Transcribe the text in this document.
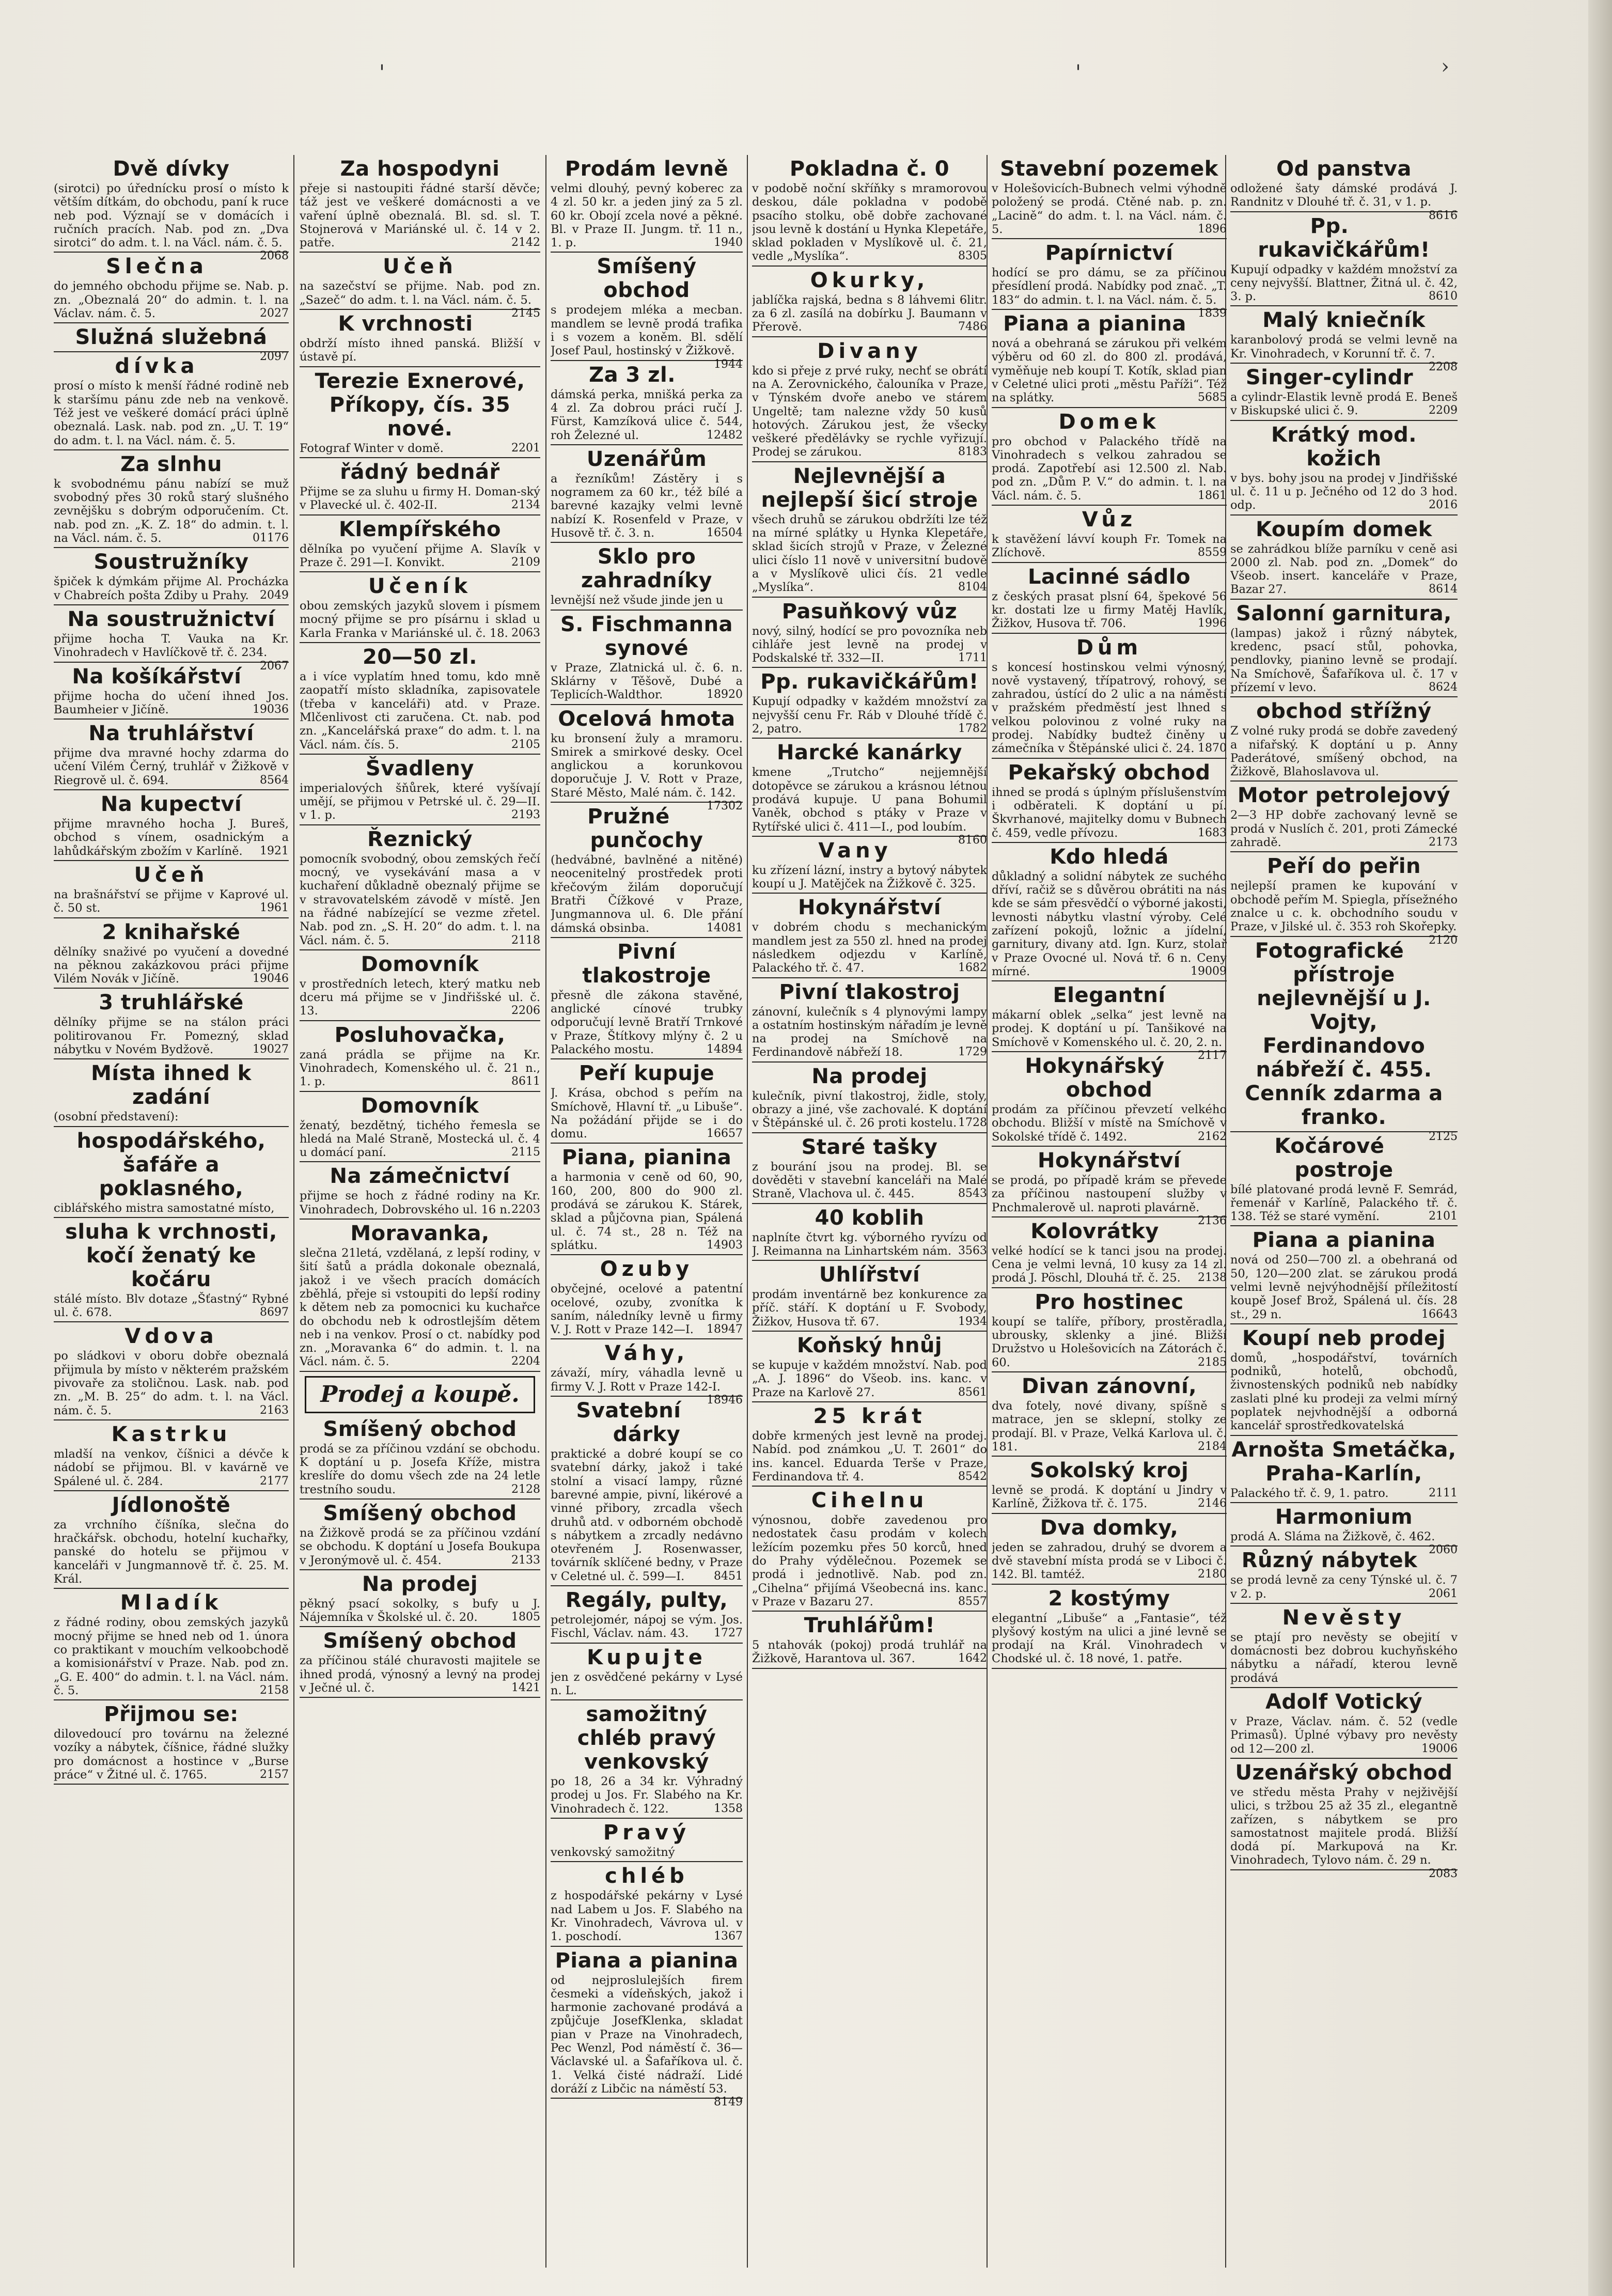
'	'	›
Dvě dívky

(sirotci) po úřednícku prosí o místo k větším dítkám, do obchodu, paní k ruce neb pod. Význají se v domácích i ručních pracích. Nab. pod zn. „Dva sirotci“ do adm. t. l. na Václ. nám. č. 5.
2068

Slečna

do jemného obchodu přijme se. Nab. p. zn. „Obeznalá 20“ do admin. t. l. na Václav. nám. č. 5.	2027

Služná služebná

2097

dívka

prosí o místo k menší řádné rodině neb k staršímu pánu zde neb na venkově. Též jest ve veškeré domácí práci úplně obeznalá. Lask. nab. pod zn. „U. T. 19“ do adm. t. l. na Václ. nám. č. 5.

Za slnhu

k svobodnému pánu nabízí se muž svobodný přes 30 roků starý slušného zevnějšku s dobrým odporučením. Ct. nab. pod zn. „K. Z. 18“ do admin. t. l. na Václ. nám. č. 5.	01176

Soustružníky

špiček k dýmkám přijme Al. Procházka v Chabreích pošta Zdiby u Prahy. 2049

Na soustružnictví

přijme hocha T. Vauka na Kr. Vinohradech v Havlíčkově tř. č. 234.
2067

Na košíkářství

přijme hocha do učení ihned Jos. Baumheier v Jičíně.	19036

Na truhlářství

přijme dva mravné hochy zdarma do učení Vilém Černý, truhlář v Žižkově v Riegrově ul. č. 694.	8564

Na kupectví

přijme mravného hocha J. Bureš, obchod s vínem, osadnickým a lahůdkářským zbožím v Karlíně. 1921

Učeň

na brašnářství se přijme v Kaprové ul. č. 50 st.	1961

2 knihařské

dělníky snaživé po vyučení a dovedné na pěknou zakázkovou práci přijme Vilém Novák v Jičíně.	19046

3 truhlářské

dělníky přijme se na stálon práci politirovanou Fr. Pomezný, sklad nábytku v Novém Bydžově.	19027

Místa ihned k zadání

(osobní představení):

hospodářského, šafáře a poklasného,

ciblářského mistra samostatné místo,

sluha k vrchnosti, kočí ženatý ke kočáru

stálé místo. Blv dotaze „Šťastný“ Rybné ul. č. 678.	8697

Vdova

po sládkovi v oboru dobře obeznalá přijmula by místo v některém pražském pivovaře za stoličnou. Lask. nab. pod zn. „M. B. 25“ do adm. t. l. na Václ. nám. č. 5.	2163

Kastrku

mladší na venkov, číšnici a dévče k nádobí se přijmou. Bl. v kavárně ve Spálené ul. č. 284.	2177

Jídlonoště

za vrchního číšníka, slečna do hračkářsk. obchodu, hotelní kuchařky, panské do hotelu se přijmou v kanceláři v Jungmannově tř. č. 25. M. Král.

Mladík

z řádné rodiny, obou zemských jazyků mocný přijme se hned neb od 1. února co praktikant v mouchím velkoobchodě a komisionářství v Praze. Nab. pod zn. „G. E. 400“ do admin. t. l. na Václ. nám. č. 5.	2158

Přijmou se:

dilovedoucí pro továrnu na železné vozíky a nábytek, číšnice, řádné služky pro domácnost a hostince v „Burse práce“ v Žitné ul. č. 1765.	2157

Za hospodyni

přeje si nastoupiti řádné starší děvče; táž jest ve veškeré domácnosti a ve vaření úplně obeznalá. Bl. sd. sl. T. Stojnerová v Mariánské ul. č. 14 v 2. patře.	2142

Učeň

na sazečství se přijme. Nab. pod zn. „Sazeč“ do adm. t. l. na Václ. nám. č. 5.
2145

K vrchnosti

obdrží místo ihned panská. Bližší v ústavě pí.

Terezie Exnerové, Příkopy, čís. 35 nové.

Fotograf Winter v domě.	2201

řádný bednář

Přijme se za sluhu u firmy H. Doman-ský v Plavecké ul. č. 402-II.	2134

Klempířského

dělníka po vyučení přijme A. Slavík v Praze č. 291—I. Konvikt.	2109

Učeník

obou zemských jazyků slovem i písmem mocný přijme se pro písárnu i sklad u Karla Franka v Mariánské ul. č. 18. 2063

20—50 zl.

a i více vyplatím hned tomu, kdo mně zaopatří místo skladníka, zapisovatele (třeba v kanceláři) atd. v Praze. Mlčenlivost cti zaručena. Ct. nab. pod zn. „Kancelářská praxe“ do adm. t. l. na Václ. nám. čís. 5.	2105

Švadleny

imperialových šňůrek, které vyšívají umějí, se přijmou v Petrské ul. č. 29—II. v 1. p.	2193

Řeznický

pomocník svobodný, obou zemských řečí mocný, ve vysekávání masa a v kuchaření důkladně obeznalý přijme se v stravovatelském závodě v místě. Jen na řádné nabízející se vezme zřetel. Nab. pod zn. „S. H. 20“ do adm. t. l. na Václ. nám. č. 5.	2118

Domovník

v prostředních letech, který matku neb dceru má přijme se v Jindřišské ul. č. 13.	2206

Posluhovačka,

zaná prádla se přijme na Kr. Vinohradech, Komenského ul. č. 21 n., 1. p.	8611

Domovník

ženatý, bezdětný, tichého řemesla se hledá na Malé Straně, Mostecká ul. č. 4 u domácí paní.	2115

Na zámečnictví

přijme se hoch z řádné rodiny na Kr. Vinohradech, Dobrovského ul. 16 n. 2203

Moravanka,

slečna 21letá, vzdělaná, z lepší rodiny, v šití šatů a prádla dokonale obeznalá, jakož i ve všech pracích domácích zběhlá, přeje si vstoupiti do lepší rodiny k dětem neb za pomocnici ku kuchařce do obchodu neb k odrostlejším dětem neb i na venkov. Prosí o ct. nabídky pod zn. „Moravanka 6“ do admin. t. l. na Václ. nám. č. 5.	2204

Prodej a koupě.
Smíšený obchod

prodá se za příčinou vzdání se obchodu. K doptání u p. Josefa Kříže, mistra kreslíře do domu všech zde na 24 letle trestního soudu.	2128

Smíšený obchod

na Žižkově prodá se za příčinou vzdání se obchodu. K doptání u Josefa Boukupa v Jeronýmově ul. č. 454.	2133

Na prodej

pěkný psací sokolky, s bufy u J. Nájemníka v Školské ul. č. 20.	1805

Smíšený obchod

za příčinou stálé churavosti majitele se ihned prodá, výnosný a levný na prodej v Ječné ul. č.	1421

Prodám levně

velmi dlouhý, pevný koberec za 4 zl. 50 kr. a jeden jiný za 5 zl. 60 kr. Obojí zcela nové a pěkné. Bl. v Praze II. Jungm. tř. 11 n., 1. p.	1940

Smíšený obchod

s prodejem mléka a mecban. mandlem se levně prodá trafika i s vozem a koněm. Bl. sdělí Josef Paul, hostinský v Žižkově.
1944

Za 3 zl.

dámská perka, mnišká perka za 4 zl. Za dobrou práci ručí J. Fürst, Kamzíková ulice č. 544, roh Železné ul.	12482

Uzenářům

a řezníkům! Zástěry i s nogramem za 60 kr., též bílé a barevné kazajky velmi levně nabízí K. Rosenfeld v Praze, v Husově tř. č. 3. n.	16504

Sklo pro zahradníky

levnější než všude jinde jen u

S. Fischmanna synové

v Praze, Zlatnická ul. č. 6. n. Sklárny v Těšově, Dubé a Teplicích-Waldthor.	18920

Ocelová hmota

ku bronsení žuly a mramoru. Smirek a smirkové desky. Ocel anglickou a korunkovou doporučuje J. V. Rott v Praze, Staré Město, Malé nám. č. 142.
17302

Pružné punčochy

(hedvábné, bavlněné a nitěné) neocenitelný prostředek proti křečovým žilám doporučují Bratři Čížkové v Praze, Jungmannova ul. 6. Dle přání dámská obsinba.	14081

Pivní tlakostroje

přesně dle zákona stavěné, anglické cínové trubky odporučují levně Bratří Trnkové v Praze, Štítkovy mlýny č. 2 u Palackého mostu.	14894

Peří kupuje

J. Krása, obchod s peřím na Smíchově, Hlavní tř. „u Libuše“. Na požádání přijde se i do domu.	16657

Piana, pianina

a harmonia v ceně od 60, 90, 160, 200, 800 do 900 zl. prodává se zárukou K. Stárek, sklad a půjčovna pian, Spálená ul. č. 74 st., 28 n. Též na splátku.	14903

Ozuby

obyčejné, ocelové a patentní ocelové, ozuby, zvonítka k saním, náledníky levně u firmy V. J. Rott v Praze 142—I. 18947

Váhy,

závaží, míry, váhadla levně u firmy V. J. Rott v Praze 142-I.
18946

Svatební dárky

praktické a dobré koupí se co svatební dárky, jakož i také stolní a visací lampy, různé barevné ampie, pivní, likérové a vinné přibory, zrcadla všech druhů atd. v odborném obchodě s nábytkem a zrcadly nedávno otevřeném J. Rosenwasser, továrník sklíčené bedny, v Praze v Celetné ul. č. 599—I.	8451

Regály, pulty,

petrolejomér, nápoj se vým. Jos. Fischl, Václav. nám. 43. 1727

Kupujte

jen z osvědčené pekárny v Lysé n. L.

samožitný chléb pravý venkovský

po 18, 26 a 34 kr. Výhradný prodej u Jos. Fr. Slabého na Kr. Vinohradech č. 122.	1358

Pravý

venkovský samožitný

chléb

z hospodářské pekárny v Lysé nad Labem u Jos. F. Slabého na Kr. Vinohradech, Vávrova ul. v 1. poschodí.	1367

Piana a pianina

od nejproslulejších firem česmeki a vídeňských, jakož i harmonie zachované prodává a způjčuje JosefKlenka, skladat pian v Praze na Vinohradech, Pec Wenzl, Pod náměstí č. 36—Václavské ul. a Šafaříkova ul. č. 1. Velká čisté nádraží. Lidé doráží z Libčic na náměstí 53.
8149

Pokladna č. 0

v podobě noční skříňky s mramorovou deskou, dále pokladna v podobě psacího stolku, obě dobře zachované jsou levně k dostání u Hynka Klepetáře, sklad pokladen v Myslíkově ul. č. 21, vedle „Myslíka“.	8305

Okurky,

jablíčka rajská, bedna s 8 láhvemi 6litr. za 6 zl. zasílá na dobírku J. Baumann v Přerově.	7486

Divany

kdo si přeje z prvé ruky, nechť se obrátí na A. Zerovnického, čalouníka v Praze, v Týnském dvoře anebo ve stárem Ungeltě; tam nalezne vždy 50 kusů hotových. Zárukou jest, že všecky veškeré předělávky se rychle vyřizují. Prodej se zárukou.	8183

Nejlevnější a nejlepší šicí stroje

všech druhů se zárukou obdržíti lze též na mírné splátky u Hynka Klepetáře, sklad šicích strojů v Praze, v Železné ulici číslo 11 nově v universitní budově a v Myslíkově ulici čís. 21 vedle „Myslíka“.	8104

Pasuňkový vůz

nový, silný, hodící se pro povozníka neb cihláře jest levně na prodej v Podskalské tř. 332—II.	1711

Pp. rukavičkářům!

Kupují odpadky v každém množství za nejvyšší cenu Fr. Ráb v Dlouhé třídě č. 2, patro.	1782

Harcké kanárky

kmene „Trutcho“ nejjemnější dotopěvce se zárukou a krásnou létnou prodává kupuje. U pana Bohumil Vaněk, obchod s ptáky v Praze v Rytířské ulici č. 411—I., pod loubím.
8160

Vany

ku zřízení lázní, instry a bytový nábytek koupí u J. Matějček na Žižkově č. 325.

Hokynářství

v dobrém chodu s mechanickým mandlem jest za 550 zl. hned na prodej následkem odjezdu v Karlíně, Palackého tř. č. 47.	1682

Pivní tlakostroj

zánovní, kulečník s 4 plynovými lampy a ostatním hostinským nářadím je levně na prodej na Smíchově na Ferdinandově nábřeží 18.	1729

Na prodej

kulečník, pivní tlakostroj, židle, stoly, obrazy a jiné, vše zachovalé. K doptání v Štěpánské ul. č. 26 proti kostelu. 1728

Staré tašky

z bourání jsou na prodej. Bl. se dověděti v stavební kanceláři na Malé Straně, Vlachova ul. č. 445.	8543

40 koblih

naplníte čtvrt kg. výborného ryvízu od J. Reimanna na Linhartském nám. 3563

Uhlířství

prodám inventárně bez konkurence za příč. stáří. K doptání u F. Svobody, Žižkov, Husova tř. 67.	1934

Koňský hnůj

se kupuje v každém množství. Nab. pod „A. J. 1896“ do Všeob. ins. kanc. v Praze na Karlově 27.	8561

25 krát

dobře krmených jest levně na prodej. Nabíd. pod známkou „U. T. 2601“ do ins. kancel. Eduarda Terše v Praze, Ferdinandova tř. 4.	8542

Cihelnu

výnosnou, dobře zavedenou pro nedostatek času prodám v kolech ležícím pozemku přes 50 korců, hned do Prahy výdělečnou. Pozemek se prodá i jednotlivě. Nab. pod zn. „Cihelna“ přijímá Všeobecná ins. kanc. v Praze v Bazaru 27.	8557

Truhlářům!

5 ntahovák (pokoj) prodá truhlář na Žižkově, Harantova ul. 367.	1642

Stavební pozemek

v Holešovicích-Bubnech velmi výhodně položený se prodá. Ctěné nab. p. zn. „Lacině“ do adm. t. l. na Václ. nám. č. 5.	1896

Papírnictví

hodící se pro dámu, se za příčinou přesídlení prodá. Nabídky pod znač. „T. 183“ do admin. t. l. na Václ. nám. č. 5.
1839

Piana a pianina

nová a obehraná se zárukou při velkém výběru od 60 zl. do 800 zl. prodává, vyměňuje neb koupí T. Kotík, sklad pian v Celetné ulici proti „městu Paříži“. Též na splátky.	5685

Domek

pro obchod v Palackého třídě na Vinohradech s velkou zahradou se prodá. Zapotřebí asi 12.500 zl. Nab. pod zn. „Dům P. V.“ do admin. t. l. na Václ. nám. č. 5.	1861

Vůz

k stavěžení lávví kouph Fr. Tomek na Zlíchově.	8559

Lacinné sádlo

z českých prasat plsní 64, špekové 56 kr. dostati lze u firmy Matěj Havlík, Žižkov, Husova tř. 706.	1996

Dům

s koncesí hostinskou velmi výnosný, nově vystavený, třípatrový, rohový, se zahradou, ústící do 2 ulic a na náměstí v pražském předměstí jest lhned s velkou polovinou z volné ruky na prodej. Nabídky budtež činěny u zámečníka v Štěpánské ulici č. 24. 1870

Pekařský obchod

ihned se prodá s úplným příslušenstvím i odběrateli. K doptání u pí. Škvrhanové, majitelky domu v Bubnech č. 459, vedle přívozu.	1683

Kdo hledá

důkladný a solidní nábytek ze suchého dříví, račiž se s důvěrou obrátiti na nás kde se sám přesvědčí o výborné jakosti, levnosti nábytku vlastní výroby. Celé zařízení pokojů, ložnic a jídelní, garnitury, divany atd. Ign. Kurz, stolař v Praze Ovocné ul. Nová tř. 6 n. Ceny mírné.	19009

Elegantní

mákarní oblek „selka“ jest levně na prodej. K doptání u pí. Tanšikové na Smíchově v Komenského ul. č. 20, 2. n.
2117

Hokynářský obchod

prodám za příčinou převzetí velkého obchodu. Bližší v místě na Smíchově v Sokolské třídě č. 1492.	2162

Hokynářství

se prodá, po případě krám se převede za příčinou nastoupení služby v Pnchmalerově ul. naproti plavárně.
2136

Kolovrátky

velké hodící se k tanci jsou na prodej. Cena je velmi levná, 10 kusy za 14 zl. prodá J. Pöschl, Dlouhá tř. č. 25. 2138

Pro hostinec

koupí se talíře, příbory, prostěradla, ubrousky, sklenky a jiné. Bližší Družstvo u Holešovicích na Zátorách č. 60.	2185

Divan zánovní,

dva fotely, nové divany, spíšně s matrace, jen se sklepní, stolky ze prodají. Bl. v Praze, Velká Karlova ul. č. 181.	2184

Sokolský kroj

levně se prodá. K doptání u Jindry v Karlíně, Žižkova tř. č. 175.	2146

Dva domky,

jeden se zahradou, druhý se dvorem a dvě stavební místa prodá se v Liboci č. 142. Bl. tamtéž.	2180

2 kostýmy

elegantní „Libuše“ a „Fantasie“, též plyšový kostým na ulici a jiné levně se prodají na Král. Vinohradech v Chodské ul. č. 18 nové, 1. patře.

Od panstva

odložené šaty dámské prodává J. Randnitz v Dlouhé tř. č. 31, v 1. p.
8616

Pp. rukavičkářům!

Kupují odpadky v každém množství za ceny nejvyšší. Blattner, Žitná ul. č. 42, 3. p.	8610

Malý kniečník

karanbolový prodá se velmi levně na Kr. Vinohradech, v Korunní tř. č. 7.
2208

Singer-cylindr

a cylindr-Elastik levně prodá E. Beneš v Biskupské ulici č. 9.	2209

Krátký mod. kožich

v bys. bohy jsou na prodej v Jindřišské ul. č. 11 u p. Ječného od 12 do 3 hod. odp.	2016

Koupím domek

se zahrádkou blíže parníku v ceně asi 2000 zl. Nab. pod zn. „Domek“ do Všeob. insert. kanceláře v Praze, Bazar 27.	8614

Salonní garnitura,

(lampas) jakož i různý nábytek, kredenc, psací stůl, pohovka, pendlovky, pianino levně se prodají. Na Smíchově, Šafaříkova ul. č. 17 v přízemí v levo.	8624

obchod střížný

Z volné ruky prodá se dobře zavedený a nifařský. K doptání u p. Anny Paderátové, smíšený obchod, na Žižkově, Blahoslavova ul.

Motor petrolejový

2—3 HP dobře zachovaný levně se prodá v Nuslích č. 201, proti Zámecké zahradě.	2173

Peří do peřin

nejlepší pramen ke kupování v obchodě peřím M. Spiegla, přísežného znalce u c. k. obchodního soudu v Praze, v Jilské ul. č. 353 roh Skořepky.
2120

Fotografické přístroje nejlevnější u J. Vojty, Ferdinandovo nábřeží č. 455. Cenník zdarma a franko.

2125

Kočárové postroje

bílé platované prodá levně F. Semrád, řemenář v Karlíně, Palackého tř. č. 138. Též se staré vymění.	2101

Piana a pianina

nová od 250—700 zl. a obehraná od 50, 120—200 zlat. se zárukou prodá velmi levně nejvýhodnější příležitostí koupě Josef Brož, Spálená ul. čís. 28 st., 29 n.	16643

Koupí neb prodej

domů, „hospodářství, továrních podniků, hotelů, obchodů, živnostenských podniků neb nabídky zaslati plné ku prodeji za velmi mírný poplatek nejvhodnější a odborná kancelář sprostředkovatelská

Arnošta Smetáčka, Praha-Karlín,

Palackého tř. č. 9, 1. patro.	2111

Harmonium

prodá A. Sláma na Žižkově, č. 462.
2060

Různý nábytek

se prodá levně za ceny Týnské ul. č. 7 v 2. p.	2061

Nevěsty

se ptají pro nevěsty se obejití v domácnosti bez dobrou kuchyňského nábytku a nářadí, kterou levně prodává

Adolf Votický

v Praze, Václav. nám. č. 52 (vedle Primasů). Úplné výbavy pro nevěsty od 12—200 zl.	19006

Uzenářský obchod

ve středu města Prahy v nejživější ulici, s tržbou 25 až 35 zl., elegantně zařízen, s nábytkem se pro samostatnost majitele prodá. Bližší dodá pí. Markupová na Kr. Vinohradech, Tylovo nám. č. 29 n.
2083
